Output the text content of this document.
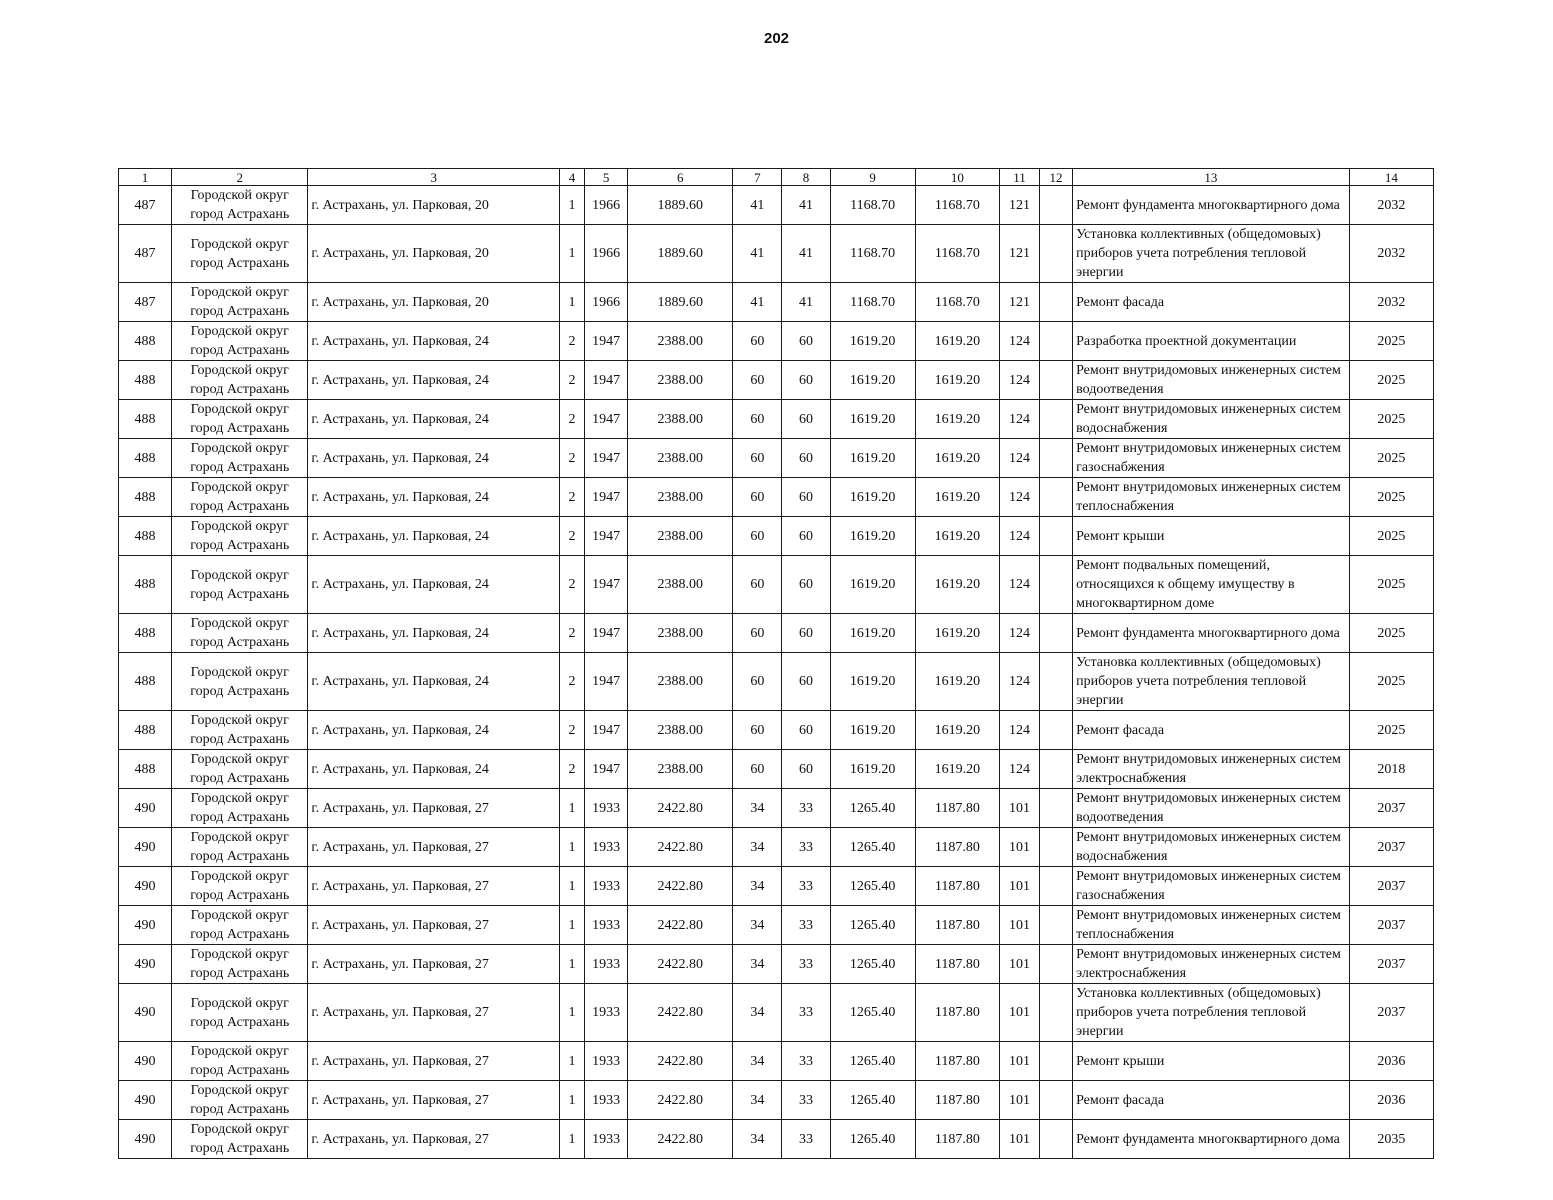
202
1	2	3	4	5	6	7	8	9	10	11	12	13	14
487	Городской округ город Астрахань	г. Астрахань, ул. Парковая, 20	1	1966	1889.60	41	41	1168.70	1168.70	121		Ремонт фундамента многоквартирного дома	2032
487	Городской округ город Астрахань	г. Астрахань, ул. Парковая, 20	1	1966	1889.60	41	41	1168.70	1168.70	121		Установка коллективных (общедомовых) приборов учета потребления тепловой энергии	2032
487	Городской округ город Астрахань	г. Астрахань, ул. Парковая, 20	1	1966	1889.60	41	41	1168.70	1168.70	121		Ремонт фасада	2032
488	Городской округ город Астрахань	г. Астрахань, ул. Парковая, 24	2	1947	2388.00	60	60	1619.20	1619.20	124		Разработка проектной документации	2025
488	Городской округ город Астрахань	г. Астрахань, ул. Парковая, 24	2	1947	2388.00	60	60	1619.20	1619.20	124		Ремонт внутридомовых инженерных систем водоотведения	2025
488	Городской округ город Астрахань	г. Астрахань, ул. Парковая, 24	2	1947	2388.00	60	60	1619.20	1619.20	124		Ремонт внутридомовых инженерных систем водоснабжения	2025
488	Городской округ город Астрахань	г. Астрахань, ул. Парковая, 24	2	1947	2388.00	60	60	1619.20	1619.20	124		Ремонт внутридомовых инженерных систем газоснабжения	2025
488	Городской округ город Астрахань	г. Астрахань, ул. Парковая, 24	2	1947	2388.00	60	60	1619.20	1619.20	124		Ремонт внутридомовых инженерных систем теплоснабжения	2025
488	Городской округ город Астрахань	г. Астрахань, ул. Парковая, 24	2	1947	2388.00	60	60	1619.20	1619.20	124		Ремонт крыши	2025
488	Городской округ город Астрахань	г. Астрахань, ул. Парковая, 24	2	1947	2388.00	60	60	1619.20	1619.20	124		Ремонт подвальных помещений, относящихся к общему имуществу в многоквартирном доме	2025
488	Городской округ город Астрахань	г. Астрахань, ул. Парковая, 24	2	1947	2388.00	60	60	1619.20	1619.20	124		Ремонт фундамента многоквартирного дома	2025
488	Городской округ город Астрахань	г. Астрахань, ул. Парковая, 24	2	1947	2388.00	60	60	1619.20	1619.20	124		Установка коллективных (общедомовых) приборов учета потребления тепловой энергии	2025
488	Городской округ город Астрахань	г. Астрахань, ул. Парковая, 24	2	1947	2388.00	60	60	1619.20	1619.20	124		Ремонт фасада	2025
488	Городской округ город Астрахань	г. Астрахань, ул. Парковая, 24	2	1947	2388.00	60	60	1619.20	1619.20	124		Ремонт внутридомовых инженерных систем электроснабжения	2018
490	Городской округ город Астрахань	г. Астрахань, ул. Парковая, 27	1	1933	2422.80	34	33	1265.40	1187.80	101		Ремонт внутридомовых инженерных систем водоотведения	2037
490	Городской округ город Астрахань	г. Астрахань, ул. Парковая, 27	1	1933	2422.80	34	33	1265.40	1187.80	101		Ремонт внутридомовых инженерных систем водоснабжения	2037
490	Городской округ город Астрахань	г. Астрахань, ул. Парковая, 27	1	1933	2422.80	34	33	1265.40	1187.80	101		Ремонт внутридомовых инженерных систем газоснабжения	2037
490	Городской округ город Астрахань	г. Астрахань, ул. Парковая, 27	1	1933	2422.80	34	33	1265.40	1187.80	101		Ремонт внутридомовых инженерных систем теплоснабжения	2037
490	Городской округ город Астрахань	г. Астрахань, ул. Парковая, 27	1	1933	2422.80	34	33	1265.40	1187.80	101		Ремонт внутридомовых инженерных систем электроснабжения	2037
490	Городской округ город Астрахань	г. Астрахань, ул. Парковая, 27	1	1933	2422.80	34	33	1265.40	1187.80	101		Установка коллективных (общедомовых) приборов учета потребления тепловой энергии	2037
490	Городской округ город Астрахань	г. Астрахань, ул. Парковая, 27	1	1933	2422.80	34	33	1265.40	1187.80	101		Ремонт крыши	2036
490	Городской округ город Астрахань	г. Астрахань, ул. Парковая, 27	1	1933	2422.80	34	33	1265.40	1187.80	101		Ремонт фасада	2036
490	Городской округ город Астрахань	г. Астрахань, ул. Парковая, 27	1	1933	2422.80	34	33	1265.40	1187.80	101		Ремонт фундамента многоквартирного дома	2035
